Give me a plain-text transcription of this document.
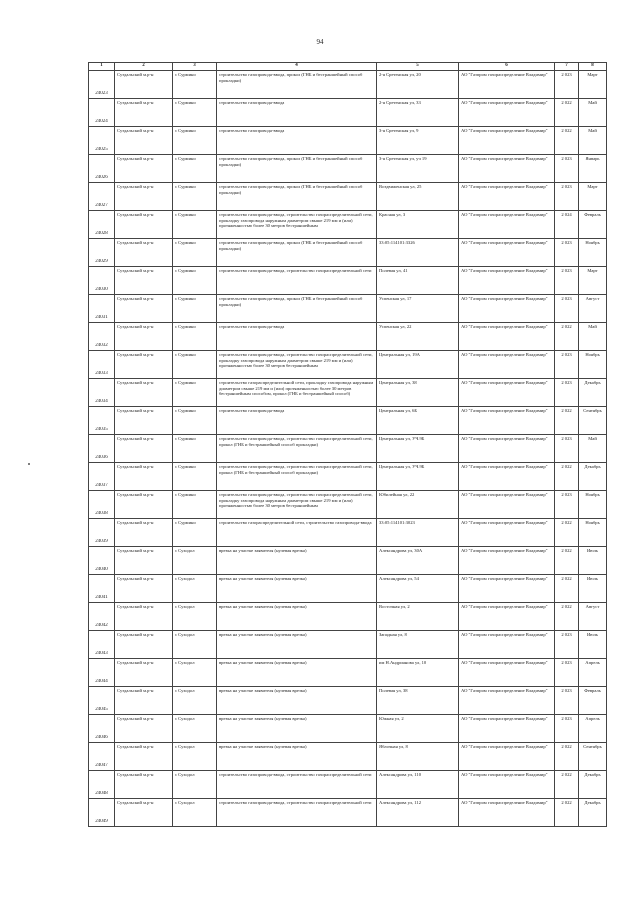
94
1	2	3	4	5	6	7	8

24023	Суздальский м.р-н	с Сурмино	строительство газопровода-ввода, прокол (ГНБ и бестраншейный способ прокладки)	2-я Сретенская ул, 20	АО "Газпром газораспределение Владимир"	2 023	Март

24024	Суздальский м.р-н	с Сурмино	строительство газопровода-ввода	2-я Сретенская ул, 33	АО "Газпром газораспределение Владимир"	2 022	Май

24025	Суздальский м.р-н	с Сурмино	строительство газопровода-ввода	3-я Сретенская ул, 9	АО "Газпром газораспределение Владимир"	2 022	Май

24026	Суздальский м.р-н	с Сурмино	строительство газопровода-ввода, прокол (ГНБ и бестраншейный способ прокладки)	3-я Сретенская ул, уч 19	АО "Газпром газораспределение Владимир"	2 023	Январь

24027	Суздальский м.р-н	с Сурмино	строительство газопровода-ввода, прокол (ГНБ и бестраншейный способ прокладки)	Воздвиженская ул, 25	АО "Газпром газораспределение Владимир"	2 023	Март

24028	Суздальский м.р-н	с Сурмино	строительство газопровода-ввода, строительство газораспределительной сети, прокладку газопровода наружным диаметром свыше 219 мм и (или) протяженностью более 30 метров бестраншейным	Красная ул, 3	АО "Газпром газораспределение Владимир"	2 024	Февраль

24029	Суздальский м.р-н	с Сурмино	строительство газопровода-ввода, прокол (ГНБ и бестраншейный способ прокладки)	33:05:114101:3326	АО "Газпром газораспределение Владимир"	2 023	Ноябрь

24030	Суздальский м.р-н	с Сурмино	строительство газопровода-ввода, строительство газораспределительной сети	Полевая ул, 41	АО "Газпром газораспределение Владимир"	2 023	Март

24031	Суздальский м.р-н	с Сурмино	строительство газопровода-ввода, прокол (ГНБ и бестраншейный способ прокладки)	Успенская ул, 17	АО "Газпром газораспределение Владимир"	2 023	Август

24032	Суздальский м.р-н	с Сурмино	строительство газопровода-ввода	Успенская ул, 22	АО "Газпром газораспределение Владимир"	2 022	Май

24033	Суздальский м.р-н	с Сурмино	строительство газопровода-ввода, строительство газораспределительной сети, прокладку газопровода наружным диаметром свыше 219 мм и (или) протяженностью более 30 метров бестраншейным	Центральная ул, 19А	АО "Газпром газораспределение Владимир"	2 023	Ноябрь

24034	Суздальский м.р-н	с Сурмино	строительство газораспределительной сети, прокладку газопровода наружным диаметром свыше 219 мм и (или) протяженностью более 30 метров бестраншейным способом, прокол (ГНБ и бестраншейный способ)	Центральная ул, 38	АО "Газпром газораспределение Владимир"	2 023	Декабрь

24035	Суздальский м.р-н	с Сурмино	строительство газопровода-ввода	Центральная ул, 6Б	АО "Газпром газораспределение Владимир"	2 022	Сентябрь

24036	Суздальский м.р-н	с Сурмино	строительство газопровода-ввода, строительство газораспределительной сети, прокол (ГНБ и бестраншейный способ прокладки)	Центральная ул, УЧ.9Б	АО "Газпром газораспределение Владимир"	2 023	Май

24037	Суздальский м.р-н	с Сурмино	строительство газопровода-ввода, строительство газораспределительной сети, прокол (ГНБ и бестраншейный способ прокладки)	Центральная ул, УЧ.9Б	АО "Газпром газораспределение Владимир"	2 022	Декабрь

24038	Суздальский м.р-н	с Сурмино	строительство газопровода-ввода, строительство газораспределительной сети, прокладку газопровода наружным диаметром свыше 219 мм и (или) протяженностью более 30 метров бестраншейным	Юбилейная ул, 22	АО "Газпром газораспределение Владимир"	2 023	Ноябрь

24039	Суздальский м.р-н	с Сурмино	строительство газораспределительной сети, строительство газопровода-ввода	33:05:114101:3023	АО "Газпром газораспределение Владимир"	2 022	Ноябрь

24040	Суздальский м.р-н	с Суходол	врезка на участке заявителя (нулевая врезка)	Александрова ул, 30А	АО "Газпром газораспределение Владимир"	2 022	Июль

24041	Суздальский м.р-н	с Суходол	врезка на участке заявителя (нулевая врезка)	Александрова ул, 54	АО "Газпром газораспределение Владимир"	2 022	Июль

24042	Суздальский м.р-н	с Суходол	врезка на участке заявителя (нулевая врезка)	Восточная ул, 2	АО "Газпром газораспределение Владимир"	2 022	Август

24043	Суздальский м.р-н	с Суходол	врезка на участке заявителя (нулевая врезка)	Западная ул, 8	АО "Газпром газораспределение Владимир"	2 023	Июль

24044	Суздальский м.р-н	с Суходол	врезка на участке заявителя (нулевая врезка)	им Н.Андрианова ул, 10	АО "Газпром газораспределение Владимир"	2 023	Апрель

24045	Суздальский м.р-н	с Суходол	врезка на участке заявителя (нулевая врезка)	Полевая ул, 38	АО "Газпром газораспределение Владимир"	2 023	Февраль

24046	Суздальский м.р-н	с Суходол	врезка на участке заявителя (нулевая врезка)	Южная ул, 2	АО "Газпром газораспределение Владимир"	2 023	Апрель

24047	Суздальский м.р-н	с Суходол	врезка на участке заявителя (нулевая врезка)	Яблочная ул, 8	АО "Газпром газораспределение Владимир"	2 022	Сентябрь

24048	Суздальский м.р-н	с Суходол	строительство газопровода-ввода, строительство газораспределительной сети	Александрова ул, 110	АО "Газпром газораспределение Владимир"	2 022	Декабрь

24049	Суздальский м.р-н	с Суходол	строительство газопровода-ввода, строительство газораспределительной сети	Александрова ул, 112	АО "Газпром газораспределение Владимир"	2 022	Декабрь
